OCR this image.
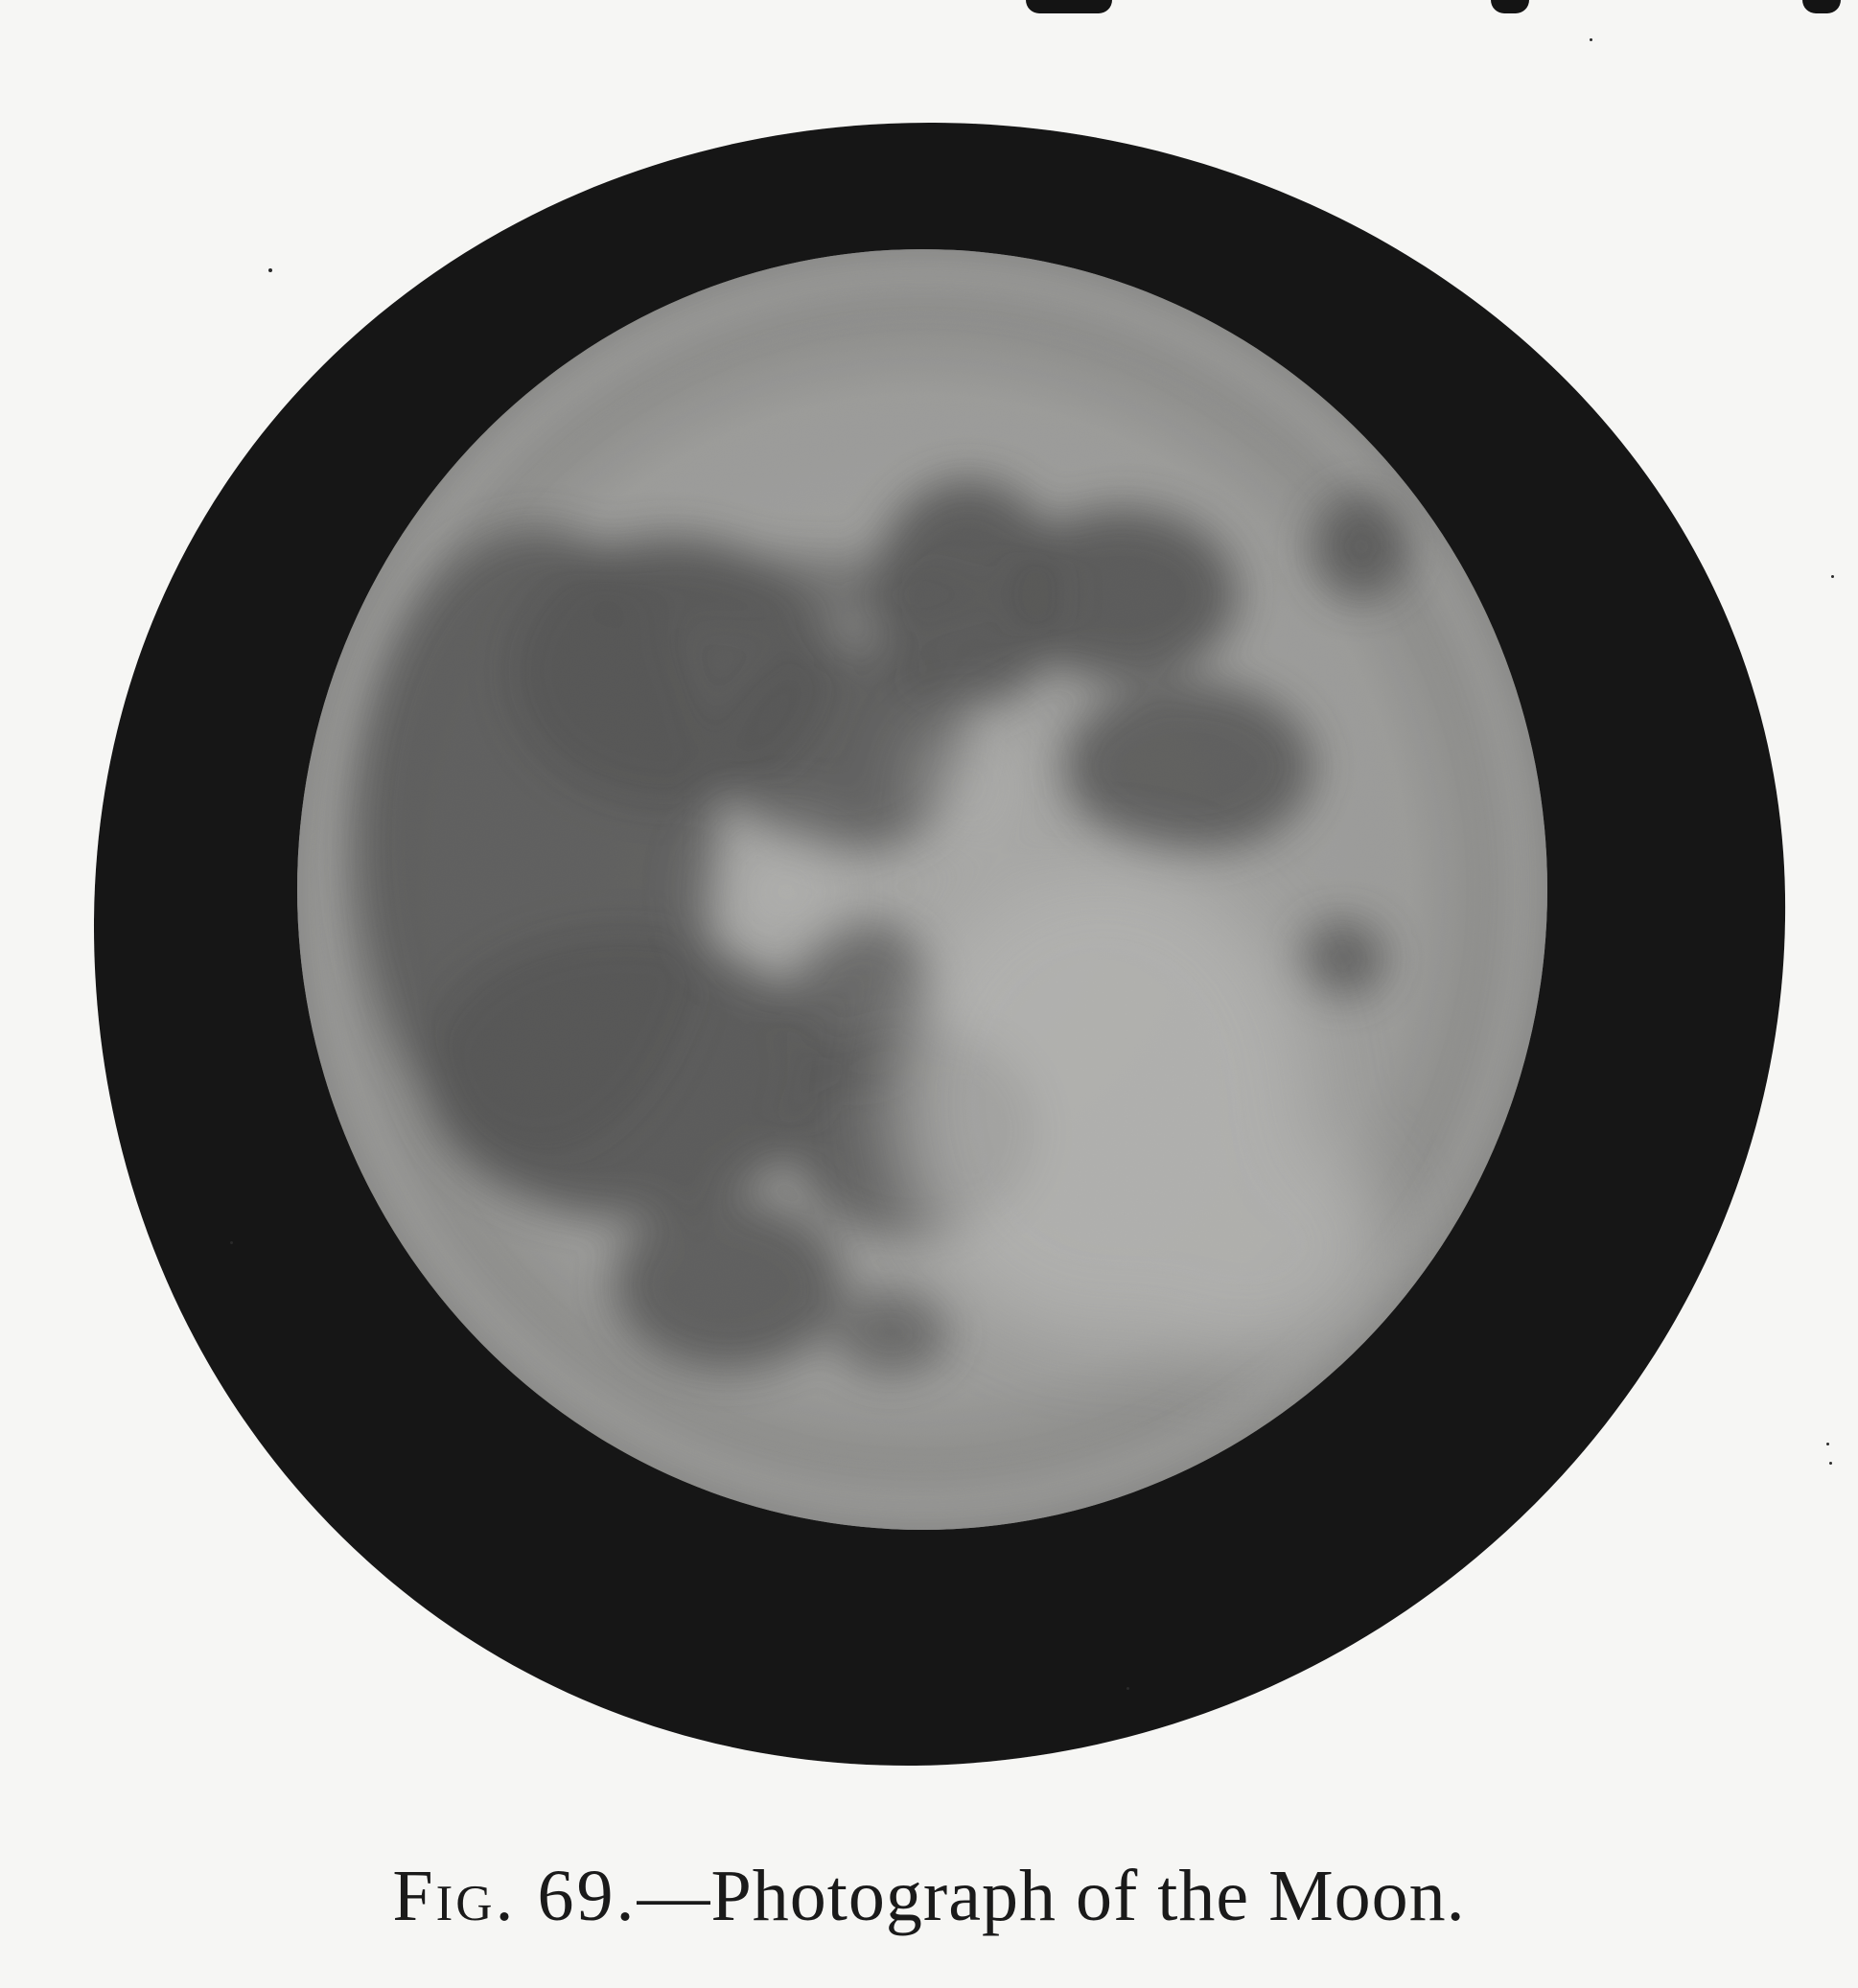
Fig. 69.—Photograph of the Moon.
